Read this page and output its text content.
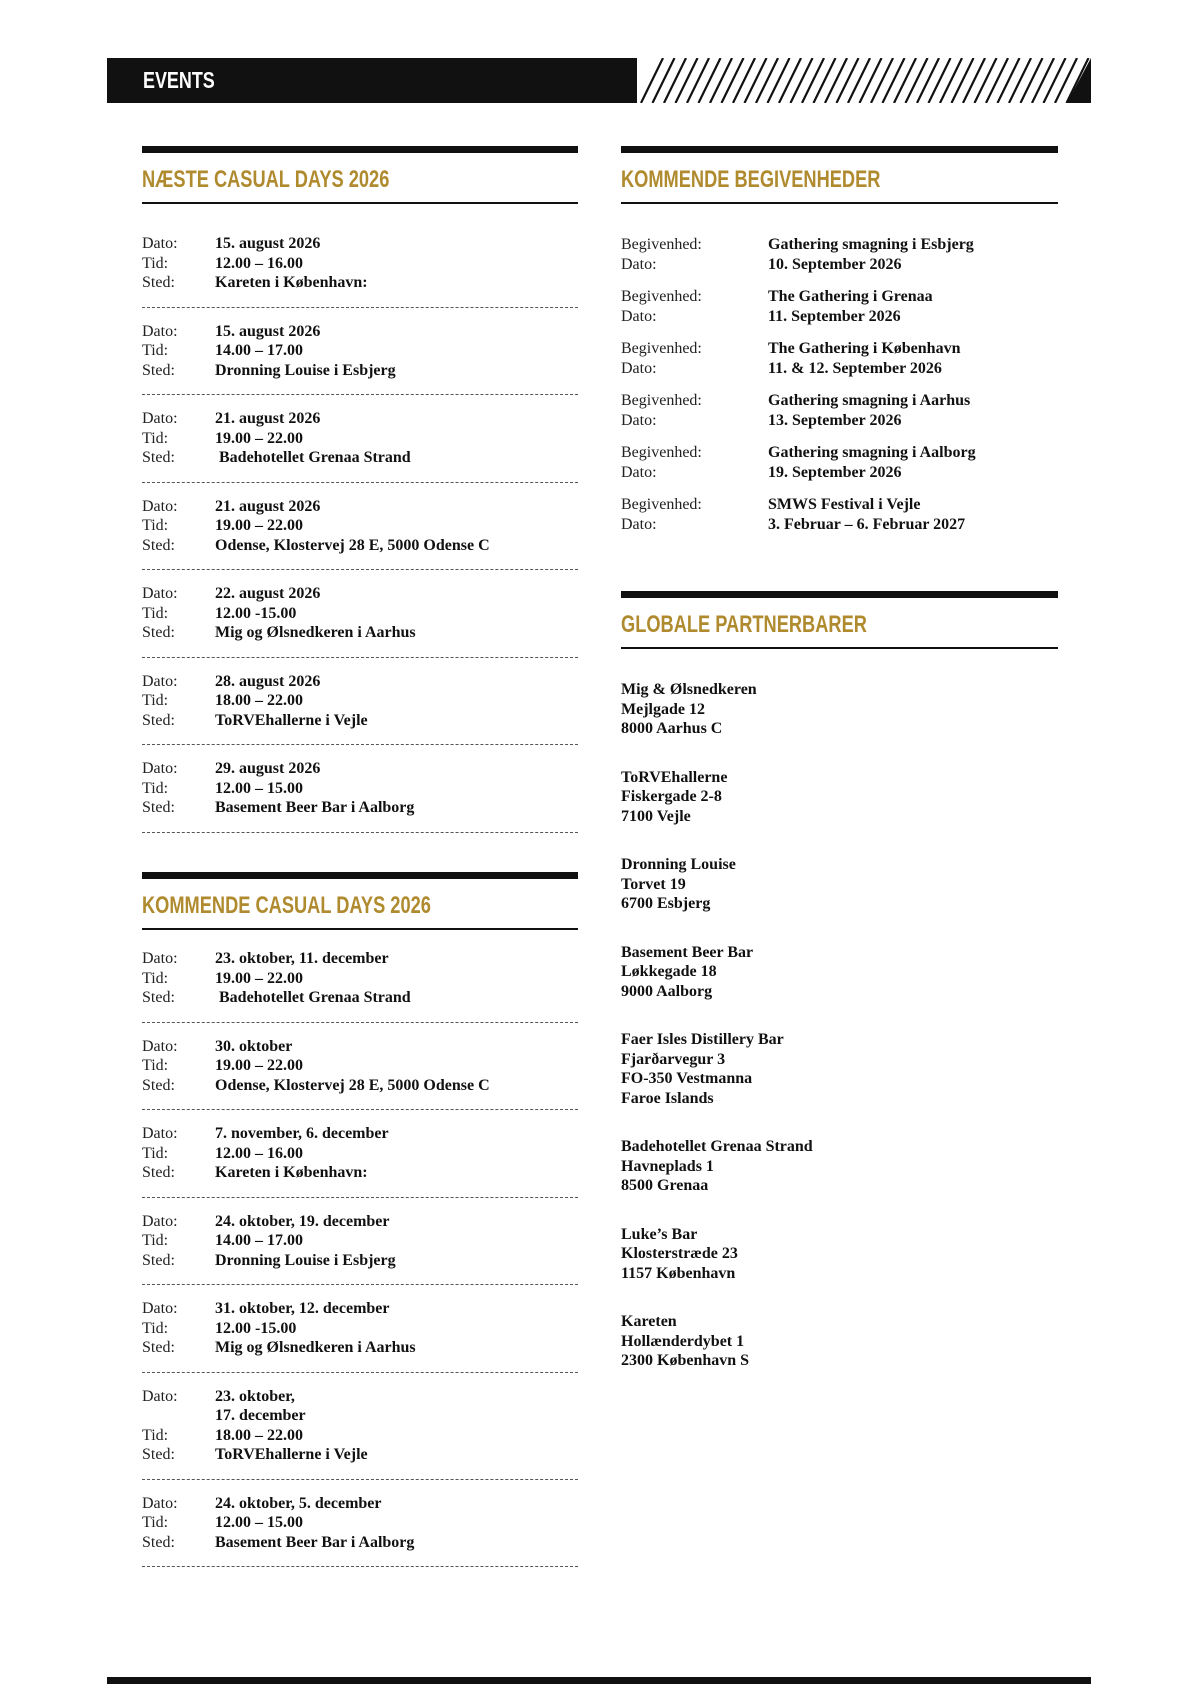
EVENTS
NÆSTE CASUAL DAYS 2026
Dato:	15. august 2026
Tid:	12.00 – 16.00
Sted:	Kareten i København:
Dato:	15. august 2026
Tid:	14.00 – 17.00
Sted:	Dronning Louise i Esbjerg
Dato:	21. august 2026
Tid:	19.00 – 22.00
Sted:	Badehotellet Grenaa Strand
Dato:	21. august 2026
Tid:	19.00 – 22.00
Sted:	Odense, Klostervej 28 E, 5000 Odense C
Dato:	22. august 2026
Tid:	12.00 -15.00
Sted:	Mig og Ølsnedkeren i Aarhus
Dato:	28. august 2026
Tid:	18.00 – 22.00
Sted:	ToRVEhallerne i Vejle
Dato:	29. august 2026
Tid:	12.00 – 15.00
Sted:	Basement Beer Bar i Aalborg
KOMMENDE CASUAL DAYS 2026
Dato:	23. oktober, 11. december
Tid:	19.00 – 22.00
Sted:	Badehotellet Grenaa Strand
Dato:	30. oktober
Tid:	19.00 – 22.00
Sted:	Odense, Klostervej 28 E, 5000 Odense C
Dato:	7. november, 6. december
Tid:	12.00 – 16.00
Sted:	Kareten i København:
Dato:	24. oktober, 19. december
Tid:	14.00 – 17.00
Sted:	Dronning Louise i Esbjerg
Dato:	31. oktober, 12. december
Tid:	12.00 -15.00
Sted:	Mig og Ølsnedkeren i Aarhus
Dato:	23. oktober,
17. december
Tid:	18.00 – 22.00
Sted:	ToRVEhallerne i Vejle
Dato:	24. oktober, 5. december
Tid:	12.00 – 15.00
Sted:	Basement Beer Bar i Aalborg
KOMMENDE BEGIVENHEDER
Begivenhed:	Gathering smagning i Esbjerg
Dato:	10. September 2026
Begivenhed:	The Gathering i Grenaa
Dato:	11. September 2026
Begivenhed:	The Gathering i København
Dato:	11. & 12. September 2026
Begivenhed:	Gathering smagning i Aarhus
Dato:	13. September 2026
Begivenhed:	Gathering smagning i Aalborg
Dato:	19. September 2026
Begivenhed:	SMWS Festival i Vejle
Dato:	3. Februar – 6. Februar 2027
GLOBALE PARTNERBARER
Mig & Ølsnedkeren
Mejlgade 12
8000 Aarhus C
ToRVEhallerne
Fiskergade 2-8
7100 Vejle
Dronning Louise
Torvet 19
6700 Esbjerg
Basement Beer Bar
Løkkegade 18
9000 Aalborg
Faer Isles Distillery Bar
Fjarðarvegur 3
FO-350 Vestmanna
Faroe Islands
Badehotellet Grenaa Strand
Havneplads 1
8500 Grenaa
Luke’s Bar
Klosterstræde 23
1157 København
Kareten
Hollænderdybet 1
2300 København S
